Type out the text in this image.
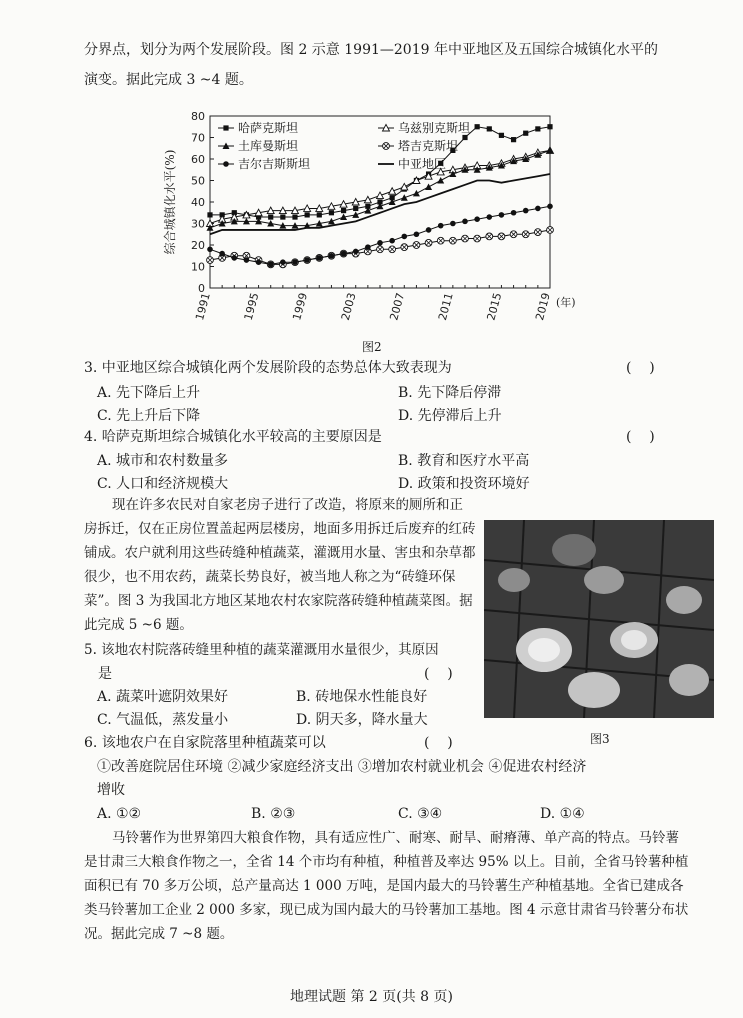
分界点，划分为两个发展阶段。图 2 示意 1991—2019 年中亚地区及五国综合城镇化水平的
演变。据此完成 3 ~4 题。
0
10
20
30
40
50
60
70
80
1991	1995	1999	2003	2007	2011	2015	2019
综合城镇化水平(%)
(年)
哈萨克斯坦	乌兹别克斯坦
土库曼斯坦	塔吉克斯坦
吉尔吉斯斯坦	中亚地区
图2
3. 中亚地区综合城镇化两个发展阶段的态势总体大致表现为	(    )
A. 先下降后上升	B. 先下降后停滞
C. 先上升后下降	D. 先停滞后上升
4. 哈萨克斯坦综合城镇化水平较高的主要原因是	(    )
A. 城市和农村数量多	B. 教育和医疗水平高
C. 人口和经济规模大	D. 政策和投资环境好
现在许多农民对自家老房子进行了改造，将原来的厕所和正房拆迁，仅在正房位置盖起两层楼房，地面多用拆迁后废弃的红砖铺成。农户就利用这些砖缝种植蔬菜，灌溉用水量、害虫和杂草都很少，也不用农药，蔬菜长势良好，被当地人称之为“砖缝环保菜”。图 3 为我国北方地区某地农村农家院落砖缝种植蔬菜图。据此完成 5 ~6 题。
图3
5. 该地农村院落砖缝里种植的蔬菜灌溉用水量很少，其原因
是	(    )
A. 蔬菜叶遮阴效果好	B. 砖地保水性能良好
C. 气温低，蒸发量小	D. 阴天多，降水量大
6. 该地农户在自家院落里种植蔬菜可以	(    )
①改善庭院居住环境 ②减少家庭经济支出 ③增加农村就业机会 ④促进农村经济
增收
A. ①②	B. ②③	C. ③④	D. ①④
马铃薯作为世界第四大粮食作物，具有适应性广、耐寒、耐旱、耐瘠薄、单产高的特点。马铃薯是甘肃三大粮食作物之一，全省 14 个市均有种植，种植普及率达 95% 以上。目前，全省马铃薯种植面积已有 70 多万公顷，总产量高达 1 000 万吨，是国内最大的马铃薯生产种植基地。全省已建成各类马铃薯加工企业 2 000 多家，现已成为国内最大的马铃薯加工基地。图 4 示意甘肃省马铃薯分布状况。据此完成 7 ~8 题。
地理试题 第 2 页(共 8 页)
